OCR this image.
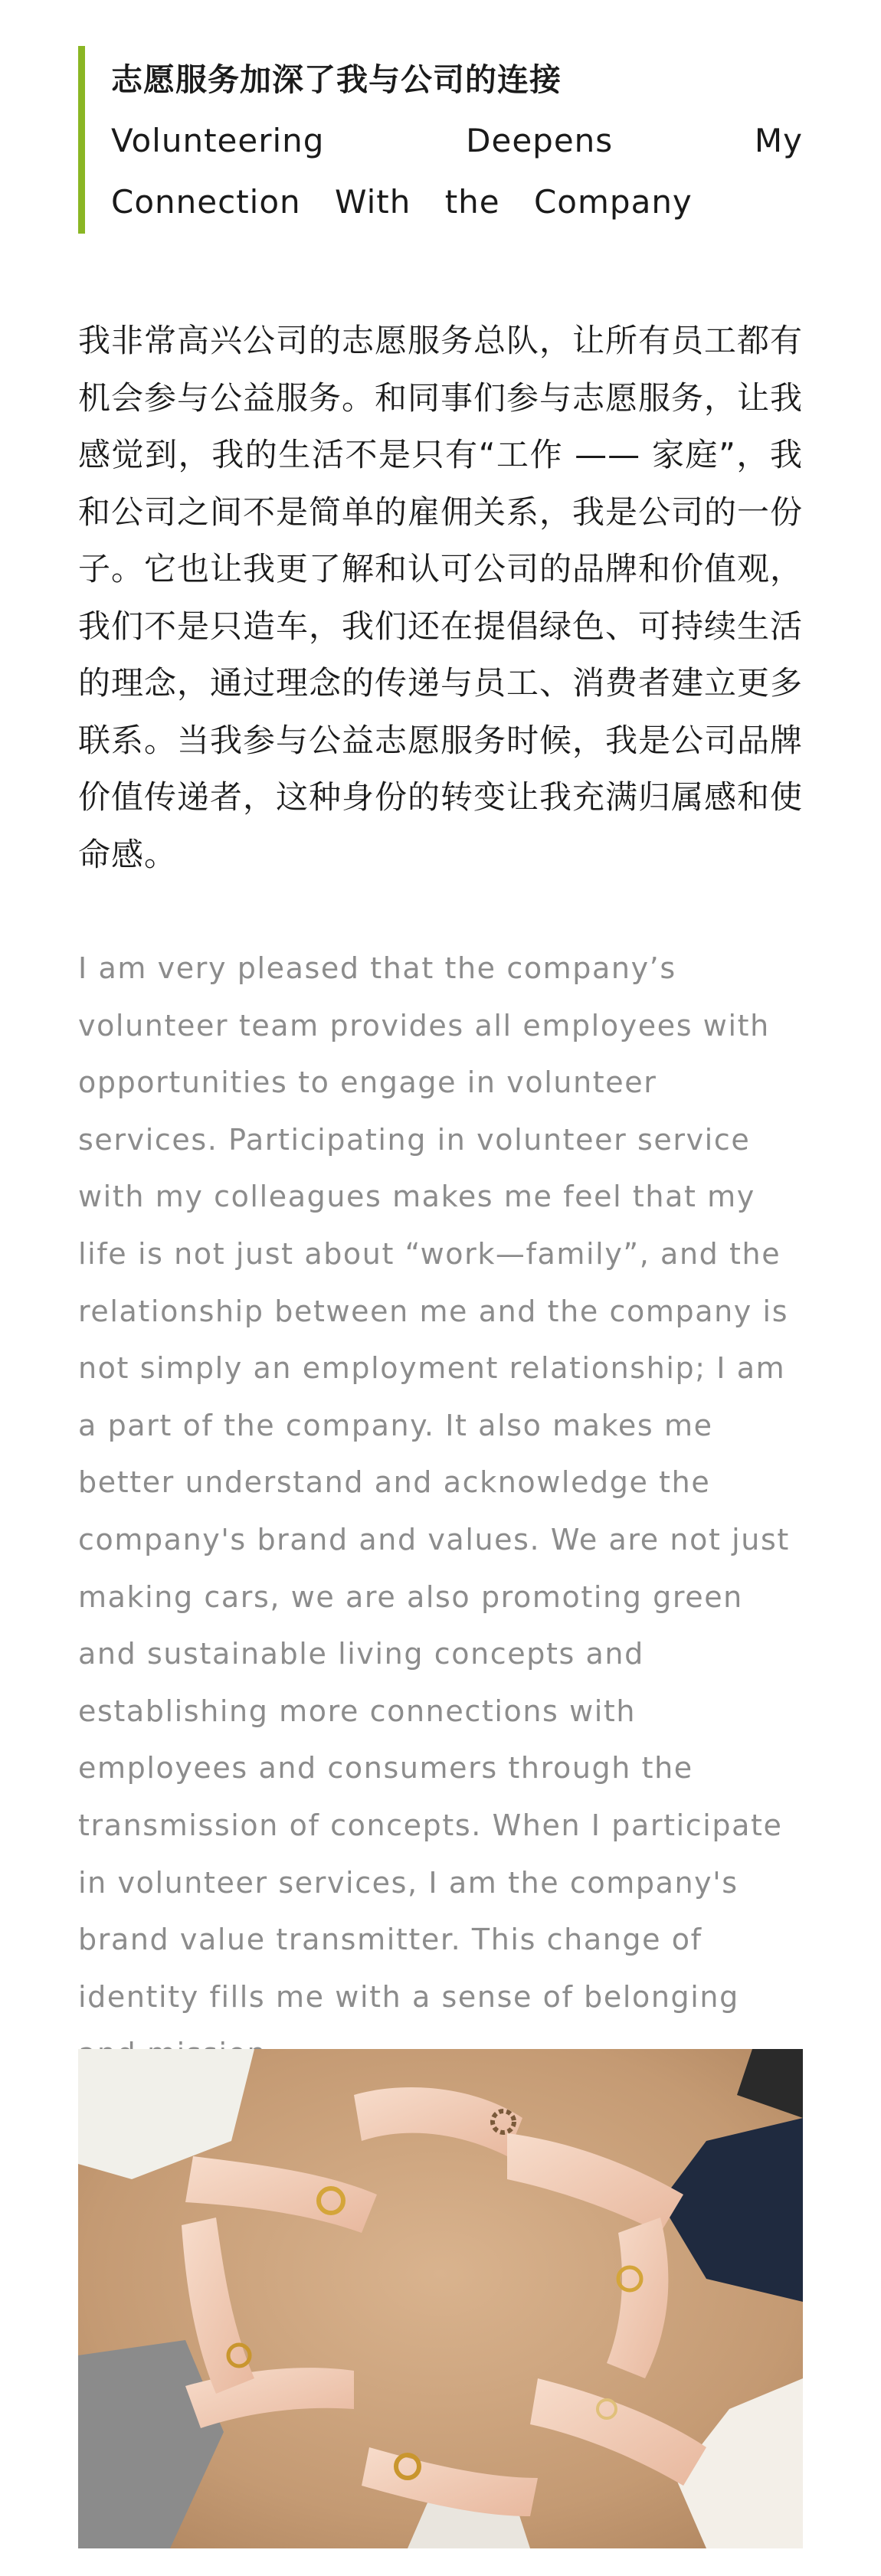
志愿服务加深了我与公司的连接
Volunteering Deepens My Connection With the Company

我非常高兴公司的志愿服务总队，让所有员工都有机会参与公益服务。和同事们参与志愿服务，让我感觉到，我的生活不是只有“工作 —— 家庭”，我和公司之间不是简单的雇佣关系，我是公司的一份子。它也让我更了解和认可公司的品牌和价值观，我们不是只造车，我们还在提倡绿色、可持续生活的理念，通过理念的传递与员工、消费者建立更多联系。当我参与公益志愿服务时候，我是公司品牌价值传递者，这种身份的转变让我充满归属感和使命感。

I am very pleased that the company’s volunteer team provides all employees with opportunities to engage in volunteer services. Participating in volunteer service with my colleagues makes me feel that my life is not just about “work—family”, and the relationship between me and the company is not simply an employment relationship; I am a part of the company. It also makes me better understand and acknowledge the company's brand and values. We are not just making cars, we are also promoting green and sustainable living concepts and establishing more connections with employees and consumers through the transmission of concepts. When I participate in volunteer services, I am the company's brand value transmitter. This change of identity fills me with a sense of belonging
